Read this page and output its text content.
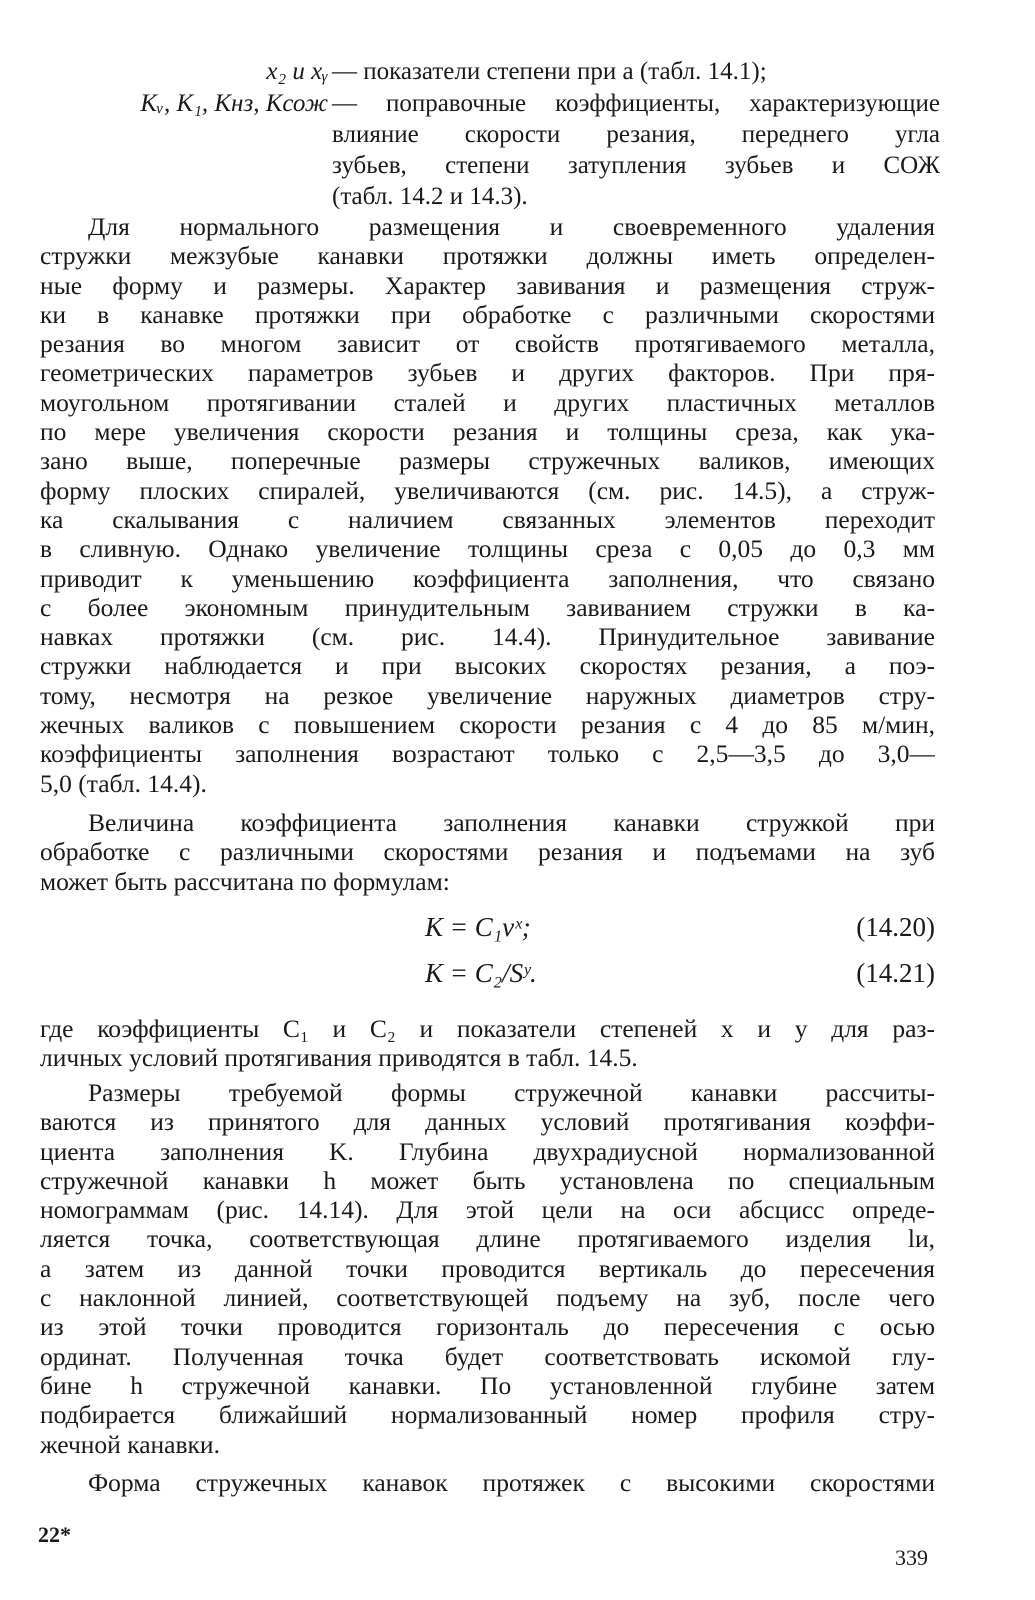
x₂ и xᵧ — показатели степени при a (табл. 14.1);
Kᵥ, K₁, Kнз, Kсож — поправочные коэффициенты, характеризующие
влияние скорости резания, переднего угла
зубьев, степени затупления зубьев и СОЖ
(табл. 14.2 и 14.3).
Для нормального размещения и своевременного удаления
стружки межзубые канавки протяжки должны иметь определен-
ные форму и размеры. Характер завивания и размещения струж-
ки в канавке протяжки при обработке с различными скоростями
резания во многом зависит от свойств протягиваемого металла,
геометрических параметров зубьев и других факторов. При пря-
моугольном протягивании сталей и других пластичных металлов
по мере увеличения скорости резания и толщины среза, как ука-
зано выше, поперечные размеры стружечных валиков, имеющих
форму плоских спиралей, увеличиваются (см. рис. 14.5), а струж-
ка скалывания с наличием связанных элементов переходит
в сливную. Однако увеличение толщины среза с 0,05 до 0,3 мм
приводит к уменьшению коэффициента заполнения, что связано
с более экономным принудительным завиванием стружки в ка-
навках протяжки (см. рис. 14.4). Принудительное завивание
стружки наблюдается и при высоких скоростях резания, а поэ-
тому, несмотря на резкое увеличение наружных диаметров стру-
жечных валиков с повышением скорости резания с 4 до 85 м/мин,
коэффициенты заполнения возрастают только с 2,5—3,5 до 3,0—
5,0 (табл. 14.4).
Величина коэффициента заполнения канавки стружкой при
обработке с различными скоростями резания и подъемами на зуб
может быть рассчитана по формулам:
K = C₁vˣ;	(14.20)
K = C₂/Sʸ.	(14.21)
где коэффициенты C₁ и C₂ и показатели степеней x и y для раз-
личных условий протягивания приводятся в табл. 14.5.
Размеры требуемой формы стружечной канавки рассчиты-
ваются из принятого для данных условий протягивания коэффи-
циента заполнения K. Глубина двухрадиусной нормализованной
стружечной канавки h может быть установлена по специальным
номограммам (рис. 14.14). Для этой цели на оси абсцисс опреде-
ляется точка, соответствующая длине протягиваемого изделия lи,
а затем из данной точки проводится вертикаль до пересечения
с наклонной линией, соответствующей подъему на зуб, после чего
из этой точки проводится горизонталь до пересечения с осью
ординат. Полученная точка будет соответствовать искомой глу-
бине h стружечной канавки. По установленной глубине затем
подбирается ближайший нормализованный номер профиля стру-
жечной канавки.
Форма стружечных канавок протяжек с высокими скоростями
22*
339
